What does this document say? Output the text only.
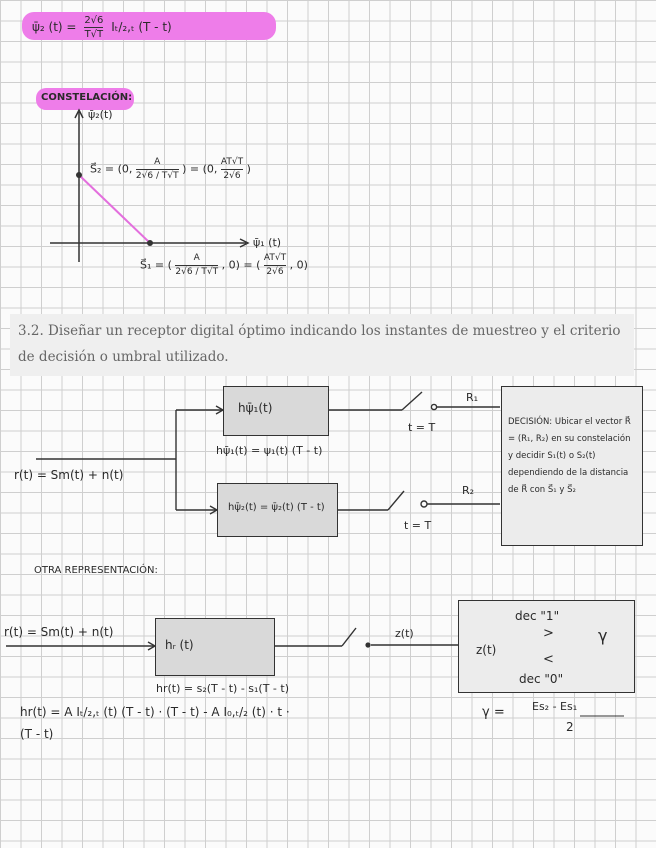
ψ̄₂ $(t) = \frac{2√6}{T√T} I_t/_2,_t$ (T - t)
CONSTELACIÓN:
ψ̄₂(t)
ψ̄₁ (t)
S⃗₂ = (0, $\frac{A}{2√6 / T√T}$ ) = (0, $\frac{AT√T}{2√6}$ )
S⃗₁ = ( $\frac{A}{2√6 / T√T}$ , 0) = ( $\frac{AT√T}{2√6}$ , 0)
3.2. Diseñar un receptor digital óptimo indicando los instantes de muestreo y el criterio de decisión o umbral utilizado.
r(t) = Sm(t) + n(t)
hψ̄₁(t)
hψ̄₁(t) = ψ₁(t) (T - t)
hψ̄₂(t) = ψ̄₂(t) (T - t)
t = T
t = T
R₁
R₂
DECISIÓN: Ubicar el vector R⃗ = (R₁, R₂) en su constelación y decidir S₁(t) o S₂(t) dependiendo de la distancia de R⃗ con S⃗₁ y S⃗₂
OTRA REPRESENTACIÓN:
r(t) = Sm(t) + n(t)
hᵣ (t)
hr(t) = s₂(T - t) - s₁(T - t)
z(t)
z(t)
dec "1"
>
<
dec "0"
γ
hr(t) = A Iₜ/₂,ₜ (t) (T - t) · (T - t) - A I₀,ₜ/₂ (t) · t ·
(T - t)
γ = Es₂ - Es₁
2
